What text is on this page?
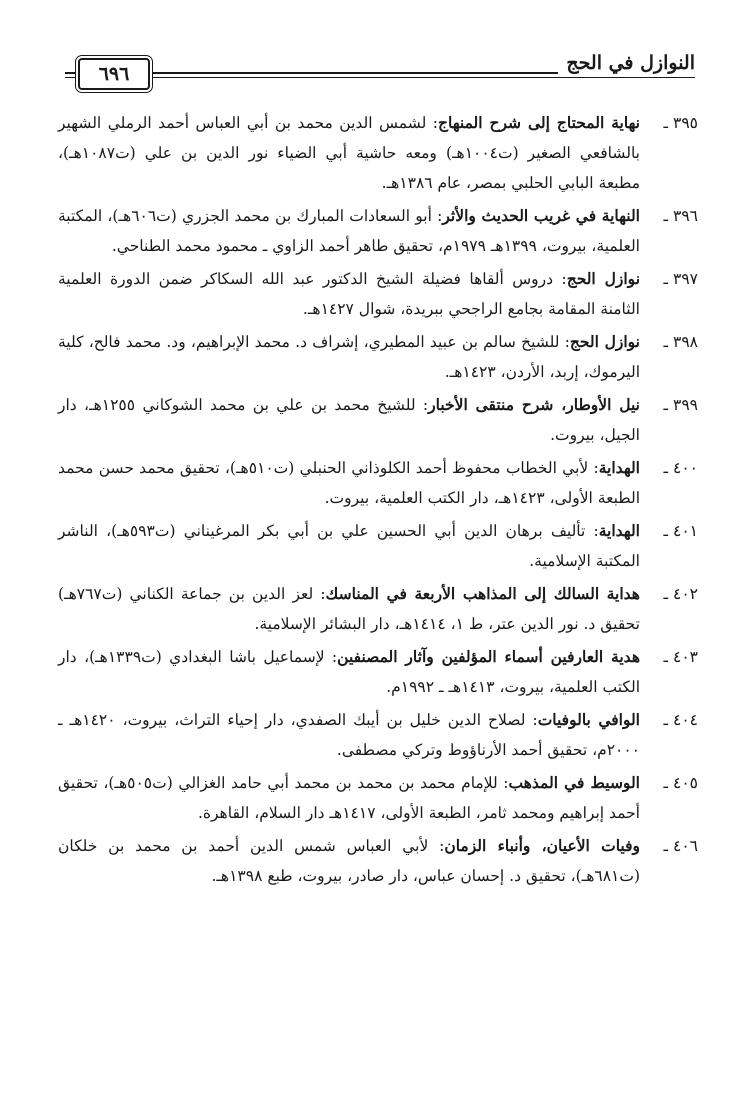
٦٩٦	النوازل في الحج
٣٩٥ ـ
نهاية المحتاج إلى شرح المنهاج: لشمس الدين محمد بن أبي العباس أحمد الرملي الشهير بالشافعي الصغير (ت١٠٠٤هـ) ومعه حاشية أبي الضياء نور الدين بن علي (ت١٠٨٧هـ)، مطبعة البابي الحلبي بمصر، عام ١٣٨٦هـ.
٣٩٦ ـ
النهاية في غريب الحديث والأثر: أبو السعادات المبارك بن محمد الجزري (ت٦٠٦هـ)، المكتبة العلمية، بيروت، ١٣٩٩هـ ١٩٧٩م، تحقيق طاهر أحمد الزاوي ـ محمود محمد الطناحي.
٣٩٧ ـ
نوازل الحج: دروس ألقاها فضيلة الشيخ الدكتور عبد الله السكاكر ضمن الدورة العلمية الثامنة المقامة بجامع الراجحي ببريدة، شوال ١٤٢٧هـ.
٣٩٨ ـ
نوازل الحج: للشيخ سالم بن عبيد المطيري، إشراف د. محمد الإبراهيم، ود. محمد فالح، كلية اليرموك، إربد، الأردن، ١٤٢٣هـ.
٣٩٩ ـ
نيل الأوطار، شرح منتقى الأخبار: للشيخ محمد بن علي بن محمد الشوكاني ١٢٥٥هـ، دار الجيل، بيروت.
٤٠٠ ـ
الهداية: لأبي الخطاب محفوظ أحمد الكلوذاني الحنبلي (ت٥١٠هـ)، تحقيق محمد حسن محمد الطبعة الأولى، ١٤٢٣هـ، دار الكتب العلمية، بيروت.
٤٠١ ـ
الهداية: تأليف برهان الدين أبي الحسين علي بن أبي بكر المرغيناني (ت٥٩٣هـ)، الناشر المكتبة الإسلامية.
٤٠٢ ـ
هداية السالك إلى المذاهب الأربعة في المناسك: لعز الدين بن جماعة الكناني (ت٧٦٧هـ) تحقيق د. نور الدين عتر، ط ١، ١٤١٤هـ، دار البشائر الإسلامية.
٤٠٣ ـ
هدية العارفين أسماء المؤلفين وآثار المصنفين: لإسماعيل باشا البغدادي (ت١٣٣٩هـ)، دار الكتب العلمية، بيروت، ١٤١٣هـ ـ ١٩٩٢م.
٤٠٤ ـ
الوافي بالوفيات: لصلاح الدين خليل بن أيبك الصفدي، دار إحياء التراث، بيروت، ١٤٢٠هـ ـ ٢٠٠٠م، تحقيق أحمد الأرناؤوط وتركي مصطفى.
٤٠٥ ـ
الوسيط في المذهب: للإمام محمد بن محمد بن محمد أبي حامد الغزالي (ت٥٠٥هـ)، تحقيق أحمد إبراهيم ومحمد ثامر، الطبعة الأولى، ١٤١٧هـ دار السلام، القاهرة.
٤٠٦ ـ
وفيات الأعيان، وأنباء الزمان: لأبي العباس شمس الدين أحمد بن محمد بن خلكان (ت٦٨١هـ)، تحقيق د. إحسان عباس، دار صادر، بيروت، طبع ١٣٩٨هـ.
